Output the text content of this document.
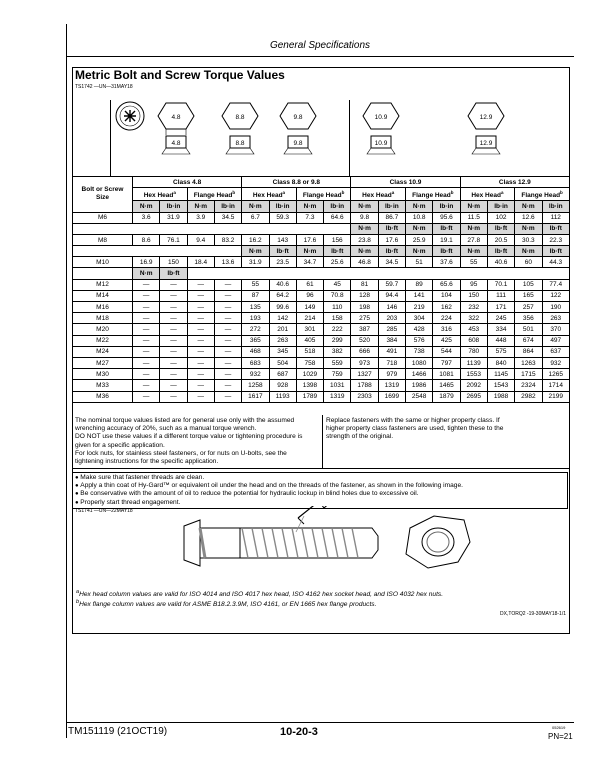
General Specifications
Metric Bolt and Screw Torque Values
TS1742 —UN—31MAY18
4.8
4.8
8.8
8.8
9.8
9.8
10.9
10.9
12.9
12.9
Bolt or Screw
Size	Class 4.8				Class 8.8 or 9.8				Class 10.9				Class 12.9			
	Hex Head$^a$		Flange Head$^b$		Hex Head$^a$		Flange Head$^b$		Hex Head$^a$		Flange Head$^b$		Hex Head$^a$		Flange Head$^b$
	N·m	lb·in	N·m	lb·in	N·m	lb·in	N·m	lb·in	N·m	lb·in	N·m	lb·in	N·m	lb·in	N·m	lb·in
M6	3.6	31.9	3.9	34.5	6.7	59.3	7.3	64.6	9.8	86.7	10.8	95.6	11.5	102	12.6	112
									N·m	lb·ft	N·m	lb·ft	N·m	lb·ft	N·m	lb·ft
M8	8.6	76.1	9.4	83.2	16.2	143	17.6	156	23.8	17.6	25.9	19.1	27.8	20.5	30.3	22.3
					N·m	lb·ft	N·m	lb·ft	N·m	lb·ft	N·m	lb·ft	N·m	lb·ft	N·m	lb·ft
M10	16.9	150	18.4	13.6	31.9	23.5	34.7	25.6	46.8	34.5	51	37.6	55	40.6	60	44.3
	N·m	lb·ft														
M12	—	—	—	—	55	40.6	61	45	81	59.7	89	65.6	95	70.1	105	77.4
M14	—	—	—	—	87	64.2	96	70.8	128	94.4	141	104	150	111	165	122
M16	—	—	—	—	135	99.6	149	110	198	146	219	162	232	171	257	190
M18	—	—	—	—	193	142	214	158	275	203	304	224	322	245	356	263
M20	—	—	—	—	272	201	301	222	387	285	428	316	453	334	501	370
M22	—	—	—	—	365	263	405	299	520	384	576	425	608	448	674	497
M24	—	—	—	—	468	345	518	382	666	491	738	544	780	575	864	637
M27	—	—	—	—	683	504	758	559	973	718	1080	797	1139	840	1263	932
M30	—	—	—	—	932	687	1029	759	1327	979	1466	1081	1553	1145	1715	1265
M33	—	—	—	—	1258	928	1398	1031	1788	1319	1986	1465	2092	1543	2324	1714
M36	—	—	—	—	1617	1193	1789	1319	2303	1699	2548	1879	2695	1988	2982	2199
The nominal torque values listed are for general use only with the assumed
wrenching accuracy of 20%, such as a manual torque wrench.
DO NOT use these values if a different torque value or tightening procedure is
given for a specific application.
For lock nuts, for stainless steel fasteners, or for nuts on U-bolts, see the
tightening instructions for the specific application.
Replace fasteners with the same or higher property class. If
higher property class fasteners are used, tighten these to the
strength of the original.
● Make sure that fastener threads are clean.
● Apply a thin coat of Hy-Gard™ or equivalent oil under the head and on the threads of the fastener, as shown in the following image.
● Be conservative with the amount of oil to reduce the potential for hydraulic lockup in blind holes due to excessive oil.
● Properly start thread engagement.
TS1741 —UN—22MAY18
$^a$Hex head column values are valid for ISO 4014 and ISO 4017 hex head, ISO 4162 hex socket head, and ISO 4032 hex nuts.
$^b$Hex flange column values are valid for ASME B18.2.3.9M, ISO 4161, or EN 1665 hex flange products.
DX,TORQ2 -19-30MAY18-1/1
TM151119 (21OCT19)	10-20-3	052619
PN=21
